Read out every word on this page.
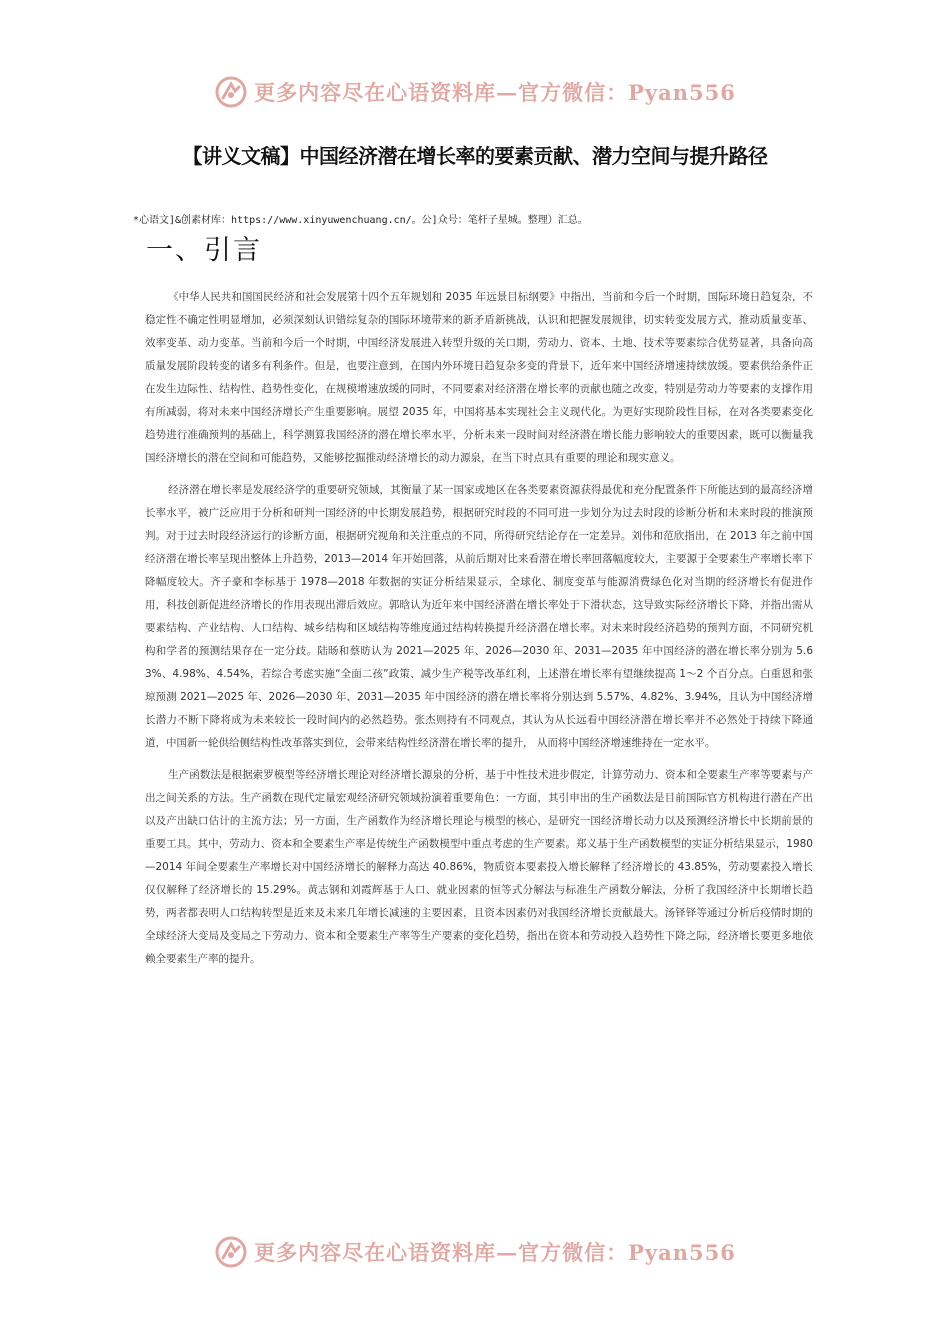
更多内容尽在心语资料库—官方微信：Pyan556
【讲义文稿】中国经济潜在增长率的要素贡献、潜力空间与提升路径
*心语文]&创素材库：https://www.xinyuwenchuang.cn/。公]众号：笔杆子星城。整理）汇总。
一、引言

《中华人民共和国国民经济和社会发展第十四个五年规划和 2035 年远景目标纲要》中指出，当前和今后一个时期，国际环境日趋复杂，不稳定性不确定性明显增加，必须深刻认识错综复杂的国际环境带来的新矛盾新挑战，认识和把握发展规律，切实转变发展方式，推动质量变革、效率变革、动力变革。当前和今后一个时期，中国经济发展进入转型升级的关口期，劳动力、资本、土地、技术等要素综合优势显著，具备向高质量发展阶段转变的诸多有利条件。但是，也要注意到，在国内外环境日趋复杂多变的背景下，近年来中国经济增速持续放缓。要素供给条件正在发生边际性、结构性、趋势性变化，在规模增速放缓的同时，不同要素对经济潜在增长率的贡献也随之改变，特别是劳动力等要素的支撑作用有所减弱，将对未来中国经济增长产生重要影响。展望 2035 年，中国将基本实现社会主义现代化。为更好实现阶段性目标，在对各类要素变化趋势进行准确预判的基础上，科学测算我国经济的潜在增长率水平，分析未来一段时间对经济潜在增长能力影响较大的重要因素，既可以衡量我国经济增长的潜在空间和可能趋势，又能够挖掘推动经济增长的动力源泉，在当下时点具有重要的理论和现实意义。

经济潜在增长率是发展经济学的重要研究领域，其衡量了某一国家或地区在各类要素资源获得最优和充分配置条件下所能达到的最高经济增长率水平，被广泛应用于分析和研判一国经济的中长期发展趋势，根据研究时段的不同可进一步划分为过去时段的诊断分析和未来时段的推演预判。对于过去时段经济运行的诊断方面，根据研究视角和关注重点的不同，所得研究结论存在一定差异。刘伟和范欣指出，在 2013 年之前中国经济潜在增长率呈现出整体上升趋势，2013—2014 年开始回落，从前后期对比来看潜在增长率回落幅度较大，主要源于全要素生产率增长率下降幅度较大。齐子豪和李标基于 1978—2018 年数据的实证分析结果显示，全球化、制度变革与能源消费绿色化对当期的经济增长有促进作用，科技创新促进经济增长的作用表现出滞后效应。郭晗认为近年来中国经济潜在增长率处于下滑状态，这导致实际经济增长下降，并指出需从要素结构、产业结构、人口结构、城乡结构和区域结构等维度通过结构转换提升经济潜在增长率。对未来时段经济趋势的预判方面，不同研究机构和学者的预测结果存在一定分歧。陆旸和蔡昉认为 2021—2025 年、2026—2030 年、2031—2035 年中国经济的潜在增长率分别为 5.63%、4.98%、4.54%，若综合考虑实施“全面二孩”政策、减少生产税等改革红利，上述潜在增长率有望继续提高 1～2 个百分点。白重恩和张琼预测 2021—2025 年、2026—2030 年、2031—2035 年中国经济的潜在增长率将分别达到 5.57%、4.82%、3.94%，且认为中国经济增长潜力不断下降将成为未来较长一段时间内的必然趋势。张杰则持有不同观点，其认为从长远看中国经济潜在增长率并不必然处于持续下降通道，中国新一轮供给侧结构性改革落实到位，会带来结构性经济潜在增长率的提升， 从而将中国经济增速维持在一定水平。

生产函数法是根据索罗模型等经济增长理论对经济增长源泉的分析，基于中性技术进步假定，计算劳动力、资本和全要素生产率等要素与产出之间关系的方法。生产函数在现代定量宏观经济研究领域扮演着重要角色：一方面，其引申出的生产函数法是目前国际官方机构进行潜在产出以及产出缺口估计的主流方法；另一方面，生产函数作为经济增长理论与模型的核心，是研究一国经济增长动力以及预测经济增长中长期前景的重要工具。其中，劳动力、资本和全要素生产率是传统生产函数模型中重点考虑的生产要素。郑义基于生产函数模型的实证分析结果显示，1980—2014 年间全要素生产率增长对中国经济增长的解释力高达 40.86%，物质资本要素投入增长解释了经济增长的 43.85%，劳动要素投入增长仅仅解释了经济增长的 15.29%。黄志钢和刘霞辉基于人口、就业因素的恒等式分解法与标准生产函数分解法，分析了我国经济中长期增长趋势，两者都表明人口结构转型是近来及未来几年增长减速的主要因素，且资本因素仍对我国经济增长贡献最大。汤铎铎等通过分析后疫情时期的全球经济大变局及变局之下劳动力、资本和全要素生产率等生产要素的变化趋势，指出在资本和劳动投入趋势性下降之际，经济增长要更多地依赖全要素生产率的提升。

更多内容尽在心语资料库—官方微信：Pyan556
